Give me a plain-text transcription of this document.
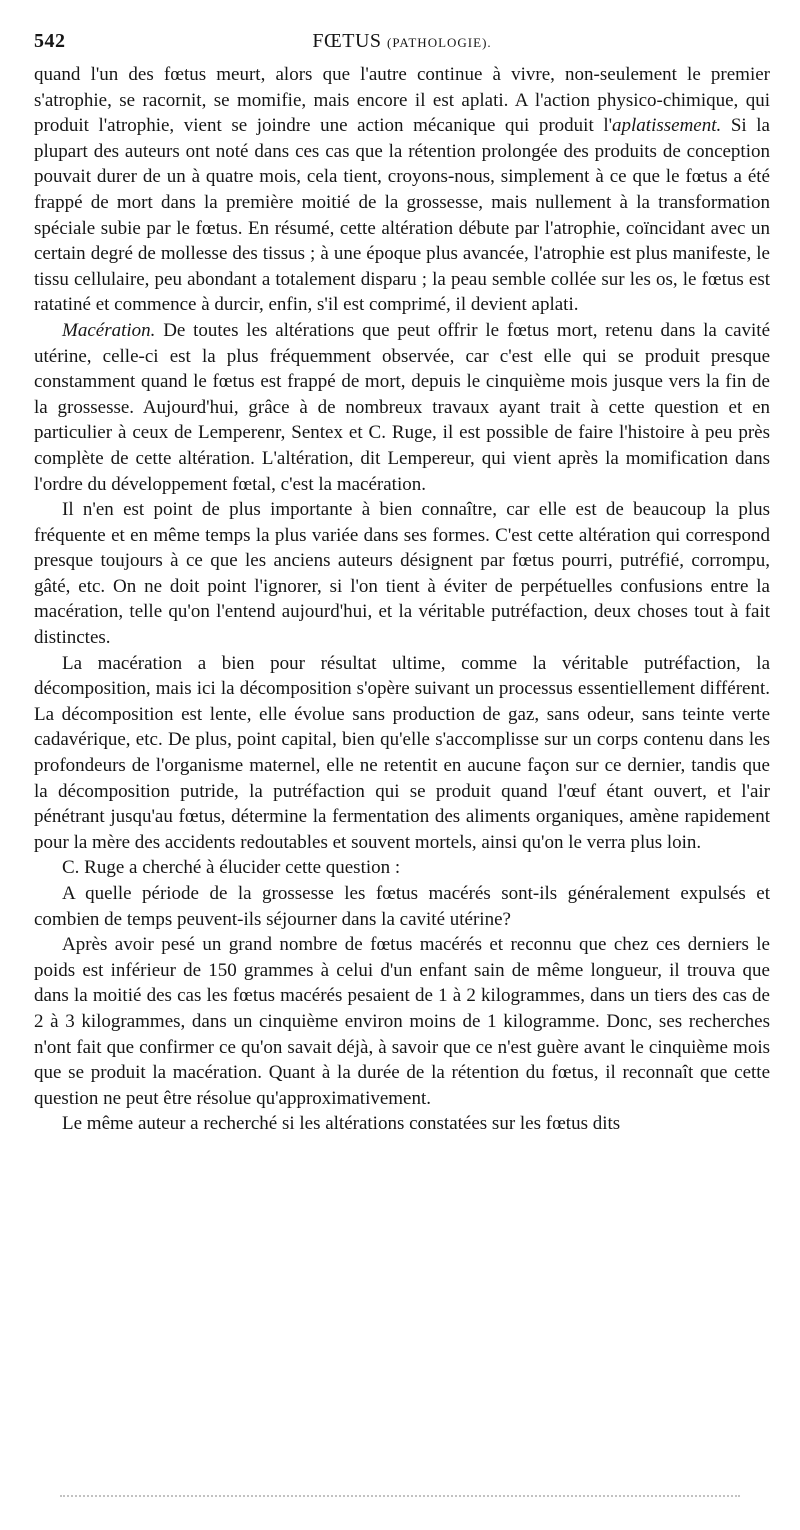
542	FŒTUS (PATHOLOGIE).

quand l'un des fœtus meurt, alors que l'autre continue à vivre, non-seulement le premier s'atrophie, se racornit, se momifie, mais encore il est aplati. A l'action physico-chimique, qui produit l'atrophie, vient se joindre une action mécanique qui produit l'aplatissement. Si la plupart des auteurs ont noté dans ces cas que la rétention prolongée des produits de conception pouvait durer de un à quatre mois, cela tient, croyons-nous, simplement à ce que le fœtus a été frappé de mort dans la première moitié de la grossesse, mais nullement à la transformation spéciale subie par le fœtus. En résumé, cette altération débute par l'atrophie, coïncidant avec un certain degré de mollesse des tissus ; à une époque plus avancée, l'atrophie est plus manifeste, le tissu cellulaire, peu abondant a totalement disparu ; la peau semble collée sur les os, le fœtus est ratatiné et commence à durcir, enfin, s'il est comprimé, il devient aplati.

Macération. De toutes les altérations que peut offrir le fœtus mort, retenu dans la cavité utérine, celle-ci est la plus fréquemment observée, car c'est elle qui se produit presque constamment quand le fœtus est frappé de mort, depuis le cinquième mois jusque vers la fin de la grossesse. Aujourd'hui, grâce à de nombreux travaux ayant trait à cette question et en particulier à ceux de Lemperenr, Sentex et C. Ruge, il est possible de faire l'histoire à peu près complète de cette altération. L'altération, dit Lempereur, qui vient après la momification dans l'ordre du développement fœtal, c'est la macération.

Il n'en est point de plus importante à bien connaître, car elle est de beaucoup la plus fréquente et en même temps la plus variée dans ses formes. C'est cette altération qui correspond presque toujours à ce que les anciens auteurs désignent par fœtus pourri, putréfié, corrompu, gâté, etc. On ne doit point l'ignorer, si l'on tient à éviter de perpétuelles confusions entre la macération, telle qu'on l'entend aujourd'hui, et la véritable putréfaction, deux choses tout à fait distinctes.

La macération a bien pour résultat ultime, comme la véritable putréfaction, la décomposition, mais ici la décomposition s'opère suivant un processus essentiellement différent. La décomposition est lente, elle évolue sans production de gaz, sans odeur, sans teinte verte cadavérique, etc. De plus, point capital, bien qu'elle s'accomplisse sur un corps contenu dans les profondeurs de l'organisme maternel, elle ne retentit en aucune façon sur ce dernier, tandis que la décomposition putride, la putréfaction qui se produit quand l'œuf étant ouvert, et l'air pénétrant jusqu'au fœtus, détermine la fermentation des aliments organiques, amène rapidement pour la mère des accidents redoutables et souvent mortels, ainsi qu'on le verra plus loin.

C. Ruge a cherché à élucider cette question :

A quelle période de la grossesse les fœtus macérés sont-ils généralement expulsés et combien de temps peuvent-ils séjourner dans la cavité utérine?

Après avoir pesé un grand nombre de fœtus macérés et reconnu que chez ces derniers le poids est inférieur de 150 grammes à celui d'un enfant sain de même longueur, il trouva que dans la moitié des cas les fœtus macérés pesaient de 1 à 2 kilogrammes, dans un tiers des cas de 2 à 3 kilogrammes, dans un cinquième environ moins de 1 kilogramme. Donc, ses recherches n'ont fait que confirmer ce qu'on savait déjà, à savoir que ce n'est guère avant le cinquième mois que se produit la macération. Quant à la durée de la rétention du fœtus, il reconnaît que cette question ne peut être résolue qu'approximativement.

Le même auteur a recherché si les altérations constatées sur les fœtus dits
